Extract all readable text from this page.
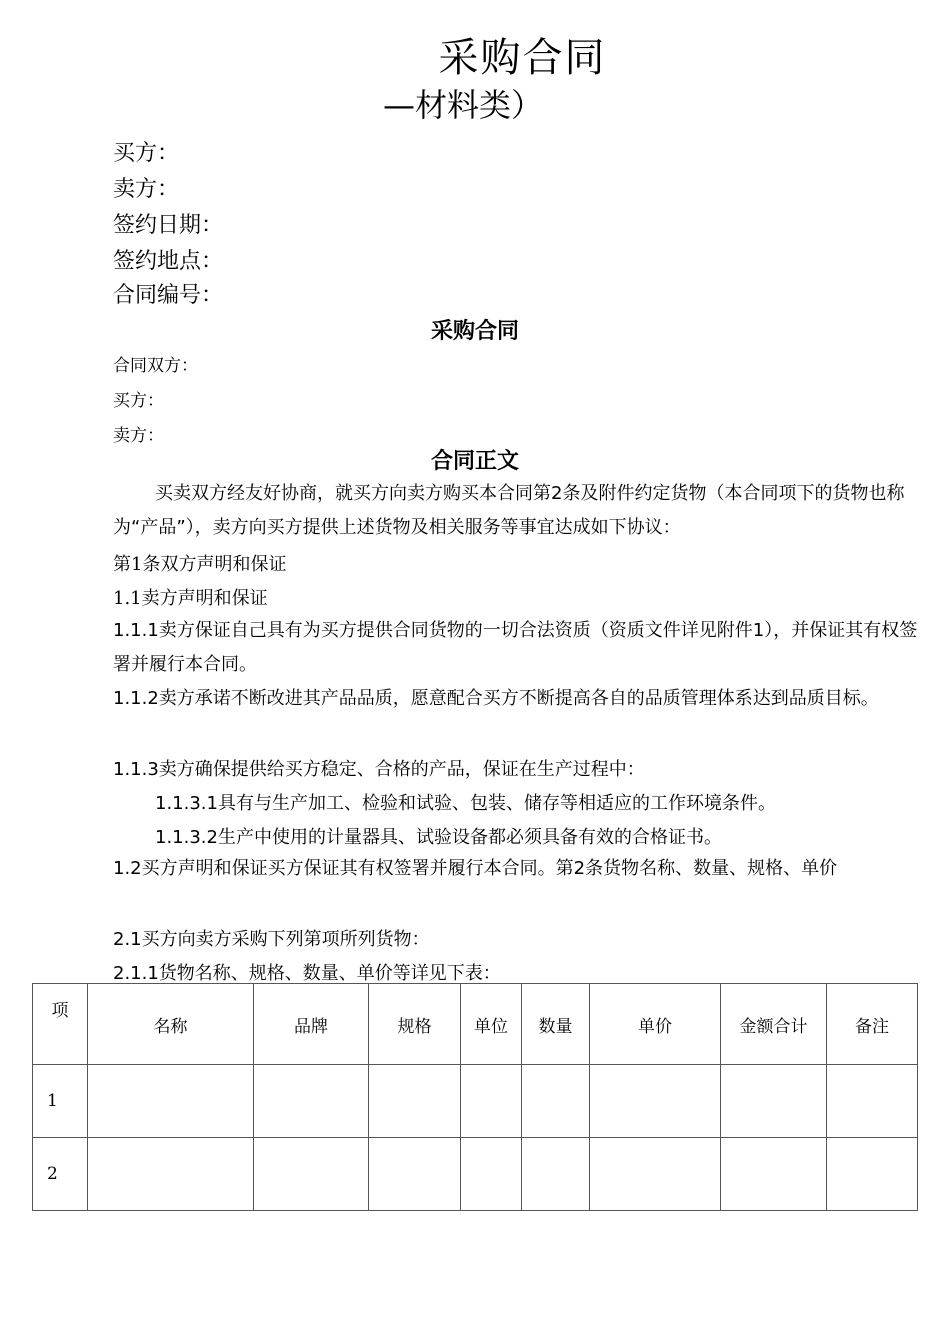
采购合同
—材料类）
买方：
卖方：
签约日期：
签约地点：
合同编号：
采购合同
合同双方：
买方：
卖方：
合同正文
买卖双方经友好协商，就买方向卖方购买本合同第2条及附件约定货物（本合同项下的货物也称为“产品”），卖方向买方提供上述货物及相关服务等事宜达成如下协议：
第1条双方声明和保证
1.1卖方声明和保证
1.1.1卖方保证自己具有为买方提供合同货物的一切合法资质（资质文件详见附件1），并保证其有权签署并履行本合同。
1.1.2卖方承诺不断改进其产品品质，愿意配合买方不断提高各自的品质管理体系达到品质目标。
1.1.3卖方确保提供给买方稳定、合格的产品，保证在生产过程中：
1.1.3.1具有与生产加工、检验和试验、包装、储存等相适应的工作环境条件。
1.1.3.2生产中使用的计量器具、试验设备都必须具备有效的合格证书。
1.2买方声明和保证买方保证其有权签署并履行本合同。第2条货物名称、数量、规格、单价
2.1买方向卖方采购下列第项所列货物：
2.1.1货物名称、规格、数量、单价等详见下表：
项	名称	品牌	规格	单位	数量	单价	金额合计	备注
1								
2								
